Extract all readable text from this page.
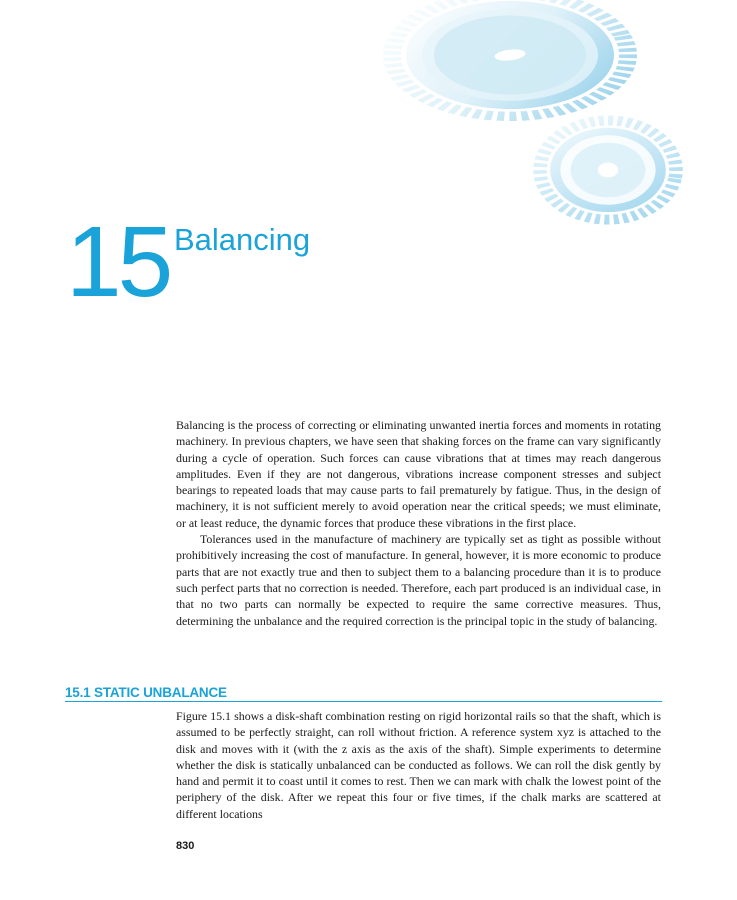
15 Balancing

Balancing is the process of correcting or eliminating unwanted inertia forces and moments in rotating machinery. In previous chapters, we have seen that shaking forces on the frame can vary significantly during a cycle of operation. Such forces can cause vibrations that at times may reach dangerous amplitudes. Even if they are not dangerous, vibrations increase component stresses and subject bearings to repeated loads that may cause parts to fail prematurely by fatigue. Thus, in the design of machinery, it is not sufficient merely to avoid operation near the critical speeds; we must eliminate, or at least reduce, the dynamic forces that produce these vibrations in the first place.

Tolerances used in the manufacture of machinery are typically set as tight as possible without prohibitively increasing the cost of manufacture. In general, however, it is more economic to produce parts that are not exactly true and then to subject them to a balancing procedure than it is to produce such perfect parts that no correction is needed. Therefore, each part produced is an individual case, in that no two parts can normally be expected to require the same corrective measures. Thus, determining the unbalance and the required correction is the principal topic in the study of balancing.

15.1 STATIC UNBALANCE

Figure 15.1 shows a disk-shaft combination resting on rigid horizontal rails so that the shaft, which is assumed to be perfectly straight, can roll without friction. A reference system xyz is attached to the disk and moves with it (with the z axis as the axis of the shaft). Simple experiments to determine whether the disk is statically unbalanced can be conducted as follows. We can roll the disk gently by hand and permit it to coast until it comes to rest. Then we can mark with chalk the lowest point of the periphery of the disk. After we repeat this four or five times, if the chalk marks are scattered at different locations

830
